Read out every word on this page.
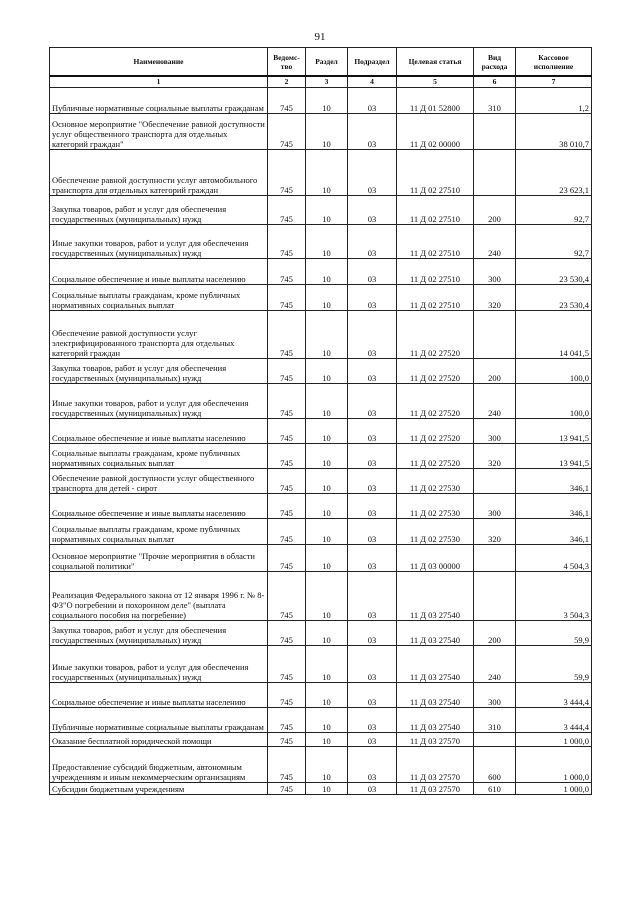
91
Наименование	Ведомс-тво	Раздел	Подраздел	Целевая статья	Вид расхода	Кассовое исполнение
1	2	3	4	5	6	7
Публичные нормативные социальные выплаты гражданам	745	10	03	11 Д 01 52800	310	1,2
Основное мероприятие "Обеспечение равной доступности услуг общественного транспорта для отдельных категорий граждан"	745	10	03	11 Д 02 00000		38 010,7
Обеспечение равной доступности услуг автомобильного транспорта для отдельных категорий граждан	745	10	03	11 Д 02 27510		23 623,1
Закупка товаров, работ и услуг для обеспечения государственных (муниципальных) нужд	745	10	03	11 Д 02 27510	200	92,7
Иные закупки товаров, работ и услуг для обеспечения государственных (муниципальных) нужд	745	10	03	11 Д 02 27510	240	92,7
Социальное обеспечение и иные выплаты населению	745	10	03	11 Д 02 27510	300	23 530,4
Социальные выплаты гражданам, кроме публичных нормативных социальных выплат	745	10	03	11 Д 02 27510	320	23 530,4
Обеспечение равной доступности услуг электрифицированного транспорта для отдельных категорий граждан	745	10	03	11 Д 02 27520		14 041,5
Закупка товаров, работ и услуг для обеспечения государственных (муниципальных) нужд	745	10	03	11 Д 02 27520	200	100,0
Иные закупки товаров, работ и услуг для обеспечения государственных (муниципальных) нужд	745	10	03	11 Д 02 27520	240	100,0
Социальное обеспечение и иные выплаты населению	745	10	03	11 Д 02 27520	300	13 941,5
Социальные выплаты гражданам, кроме публичных нормативных социальных выплат	745	10	03	11 Д 02 27520	320	13 941,5
Обеспечение равной доступности услуг общественного транспорта для детей - сирот	745	10	03	11 Д 02 27530		346,1
Социальное обеспечение и иные выплаты населению	745	10	03	11 Д 02 27530	300	346,1
Социальные выплаты гражданам, кроме публичных нормативных социальных выплат	745	10	03	11 Д 02 27530	320	346,1
Основное мероприятие "Прочие мероприятия в области социальной политики"	745	10	03	11 Д 03 00000		4 504,3
Реализация Федерального закона от 12 января 1996 г. № 8-ФЗ"О погребении и похоронном деле" (выплата социального пособия на погребение)	745	10	03	11 Д 03 27540		3 504,3
Закупка товаров, работ и услуг для обеспечения государственных (муниципальных) нужд	745	10	03	11 Д 03 27540	200	59,9
Иные закупки товаров, работ и услуг для обеспечения государственных (муниципальных) нужд	745	10	03	11 Д 03 27540	240	59,9
Социальное обеспечение и иные выплаты населению	745	10	03	11 Д 03 27540	300	3 444,4
Публичные нормативные социальные выплаты гражданам	745	10	03	11 Д 03 27540	310	3 444,4
Оказание бесплатной юридической помощи	745	10	03	11 Д 03 27570		1 000,0
Предоставление субсидий бюджетным, автономным учреждениям и иным некоммерческим организациям	745	10	03	11 Д 03 27570	600	1 000,0
Субсидии бюджетным учреждениям	745	10	03	11 Д 03 27570	610	1 000,0
